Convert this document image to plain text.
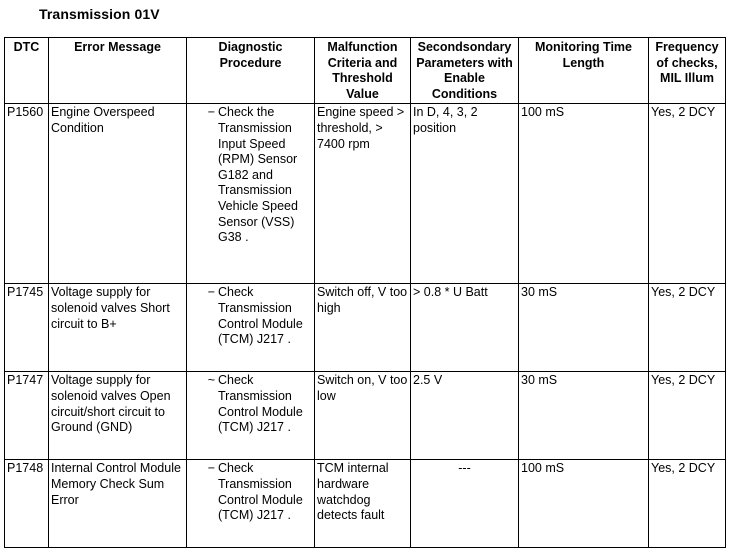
Transmission 01V
DTC	Error Message	Diagnostic Procedure	Malfunction Criteria and Threshold Value	Secondsondary Parameters with Enable Conditions	Monitoring Time Length	Frequency of checks, MIL Illum
P1560	Engine Overspeed Condition	− Check the Transmission Input Speed (RPM) Sensor G182 and Transmission Vehicle Speed Sensor (VSS) G38 .	Engine speed > threshold, > 7400 rpm	In D, 4, 3, 2 position	100 mS	Yes, 2 DCY
P1745	Voltage supply for solenoid valves Short circuit to B+	− Check Transmission Control Module (TCM) J217 .	Switch off, V too high	> 0.8 * U Batt	30 mS	Yes, 2 DCY
P1747	Voltage supply for solenoid valves Open circuit/short circuit to Ground (GND)	~ Check Transmission Control Module (TCM) J217 .	Switch on, V too low	2.5 V	30 mS	Yes, 2 DCY
P1748	Internal Control Module Memory Check Sum Error	− Check Transmission Control Module (TCM) J217 .	TCM internal hardware watchdog detects fault	---	100 mS	Yes, 2 DCY
